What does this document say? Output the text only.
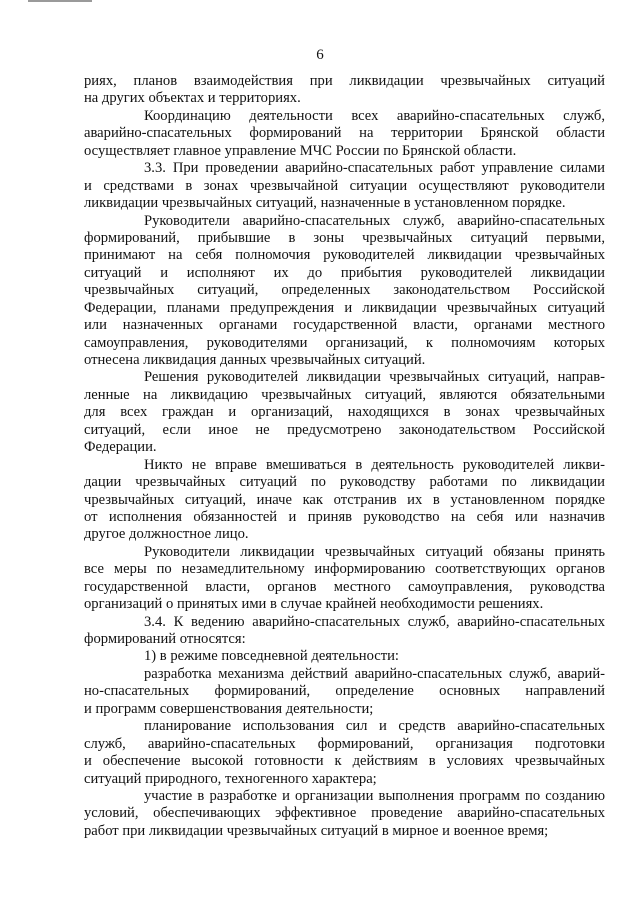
6
рияx, планов взаимодействия при ликвидации чрезвычайных ситуаций
на других объектах и территориях.
Координацию деятельности всех аварийно-спасательных служб,
аварийно-спасательных формирований на территории Брянской области
осуществляет главное управление МЧС России по Брянской области.
3.3. При проведении аварийно-спасательных работ управление силами
и средствами в зонах чрезвычайной ситуации осуществляют руководители
ликвидации чрезвычайных ситуаций, назначенные в установленном порядке.
Руководители аварийно-спасательных служб, аварийно-спасательных
формирований, прибывшие в зоны чрезвычайных ситуаций первыми,
принимают на себя полномочия руководителей ликвидации чрезвычайных
ситуаций и исполняют их до прибытия руководителей ликвидации
чрезвычайных ситуаций, определенных законодательством Российской
Федерации, планами предупреждения и ликвидации чрезвычайных ситуаций
или назначенных органами государственной власти, органами местного
самоуправления, руководителями организаций, к полномочиям которых
отнесена ликвидация данных чрезвычайных ситуаций.
Решения руководителей ликвидации чрезвычайных ситуаций, направ-
ленные на ликвидацию чрезвычайных ситуаций, являются обязательными
для всех граждан и организаций, находящихся в зонах чрезвычайных
ситуаций, если иное не предусмотрено законодательством Российской
Федерации.
Никто не вправе вмешиваться в деятельность руководителей ликви-
дации чрезвычайных ситуаций по руководству работами по ликвидации
чрезвычайных ситуаций, иначе как отстранив их в установленном порядке
от исполнения обязанностей и приняв руководство на себя или назначив
другое должностное лицо.
Руководители ликвидации чрезвычайных ситуаций обязаны принять
все меры по незамедлительному информированию соответствующих органов
государственной власти, органов местного самоуправления, руководства
организаций о принятых ими в случае крайней необходимости решениях.
3.4. К ведению аварийно-спасательных служб, аварийно-спасательных
формирований относятся:
1) в режиме повседневной деятельности:
разработка механизма действий аварийно-спасательных служб, аварий-
но-спасательных формирований, определение основных направлений
и программ совершенствования деятельности;
планирование использования сил и средств аварийно-спасательных
служб, аварийно-спасательных формирований, организация подготовки
и обеспечение высокой готовности к действиям в условиях чрезвычайных
ситуаций природного, техногенного характера;
участие в разработке и организации выполнения программ по созданию
условий, обеспечивающих эффективное проведение аварийно-спасательных
работ при ликвидации чрезвычайных ситуаций в мирное и военное время;
